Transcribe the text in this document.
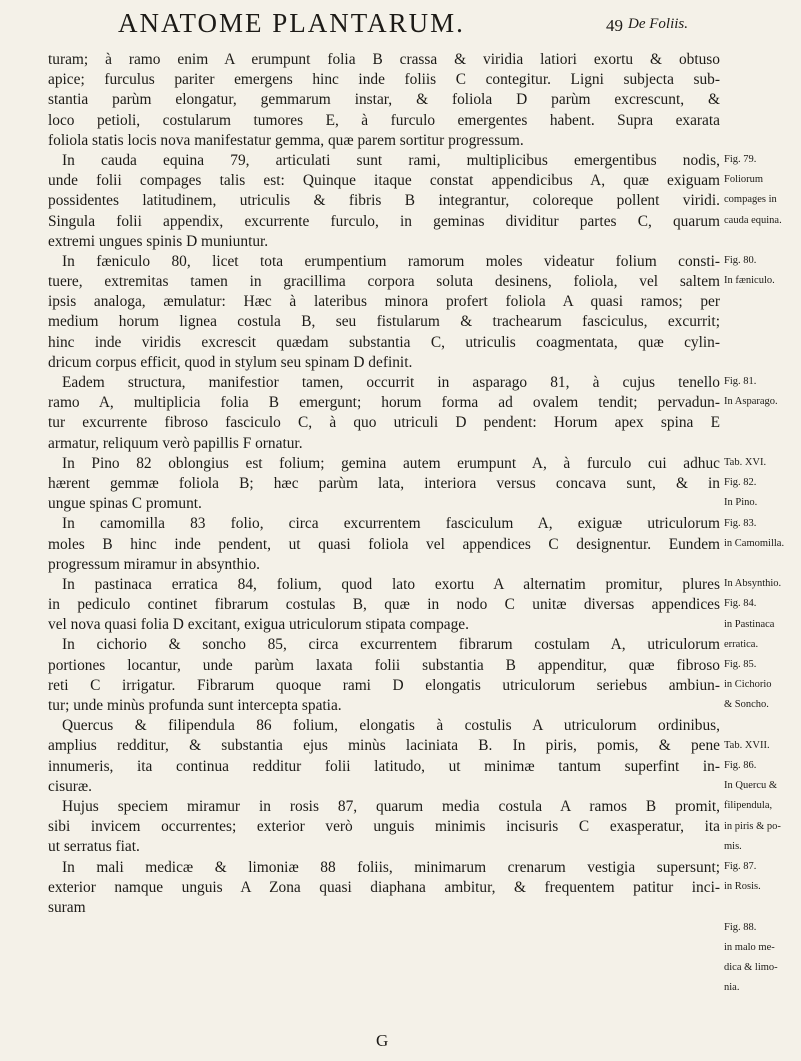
ANATOME PLANTARUM.	49 De Foliis.
turam; à ramo enim A erumpunt folia B crassa & viridia latiori exortu & obtuso
apice; furculus pariter emergens hinc inde foliis C contegitur. Ligni subjecta sub-
stantia parùm elongatur, gemmarum instar, & foliola D parùm excrescunt, &
loco petioli, costularum tumores E, à furculo emergentes habent. Supra exarata
foliola statis locis nova manifestatur gemma, quæ parem sortitur progressum.
In cauda equina 79, articulati sunt rami, multiplicibus emergentibus nodis,
unde folii compages talis est: Quinque itaque constat appendicibus A, quæ exiguam
possidentes latitudinem, utriculis & fibris B integrantur, coloreque pollent viridi.
Singula folii appendix, excurrente furculo, in geminas dividitur partes C, quarum
extremi ungues spinis D muniuntur.
In fæniculo 80, licet tota erumpentium ramorum moles videatur folium consti-
tuere, extremitas tamen in gracillima corpora soluta desinens, foliola, vel saltem
ipsis analoga, æmulatur: Hæc à lateribus minora profert foliola A quasi ramos; per
medium horum lignea costula B, seu fistularum & trachearum fasciculus, excurrit;
hinc inde viridis excrescit quædam substantia C, utriculis coagmentata, quæ cylin-
dricum corpus efficit, quod in stylum seu spinam D definit.
Eadem structura, manifestior tamen, occurrit in asparago 81, à cujus tenello
ramo A, multiplicia folia B emergunt; horum forma ad ovalem tendit; pervadun-
tur excurrente fibroso fasciculo C, à quo utriculi D pendent: Horum apex spina E
armatur, reliquum verò papillis F ornatur.
In Pino 82 oblongius est folium; gemina autem erumpunt A, à furculo cui adhuc
hærent gemmæ foliola B; hæc parùm lata, interiora versus concava sunt, & in
ungue spinas C promunt.
In camomilla 83 folio, circa excurrentem fasciculum A, exiguæ utriculorum
moles B hinc inde pendent, ut quasi foliola vel appendices C designentur. Eundem
progressum miramur in absynthio.
In pastinaca erratica 84, folium, quod lato exortu A alternatim promitur, plures
in pediculo continet fibrarum costulas B, quæ in nodo C unitæ diversas appendices
vel nova quasi folia D excitant, exigua utriculorum stipata compage.
In cichorio & soncho 85, circa excurrentem fibrarum costulam A, utriculorum
portiones locantur, unde parùm laxata folii substantia B appenditur, quæ fibroso
reti C irrigatur. Fibrarum quoque rami D elongatis utriculorum seriebus ambiun-
tur; unde minùs profunda sunt intercepta spatia.
Quercus & filipendula 86 folium, elongatis à costulis A utriculorum ordinibus,
amplius redditur, & substantia ejus minùs laciniata B. In piris, pomis, & pene
innumeris, ita continua redditur folii latitudo, ut minimæ tantum superfint in-
cisuræ.
Hujus speciem miramur in rosis 87, quarum media costula A ramos B promit,
sibi invicem occurrentes; exterior verò unguis minimis incisuris C exasperatur, ita
ut serratus fiat.
In mali medicæ & limoniæ 88 foliis, minimarum crenarum vestigia supersunt;
exterior namque unguis A Zona quasi diaphana ambitur, & frequentem patitur inci-
suram
Fig. 79.
Foliorum
compages in
cauda equina.
Fig. 80.
In fæniculo.
Fig. 81.
In Asparago.
Tab. XVI.
Fig. 82.
In Pino.
Fig. 83.
in Camomilla.
In Absynthio.
Fig. 84.
in Pastinaca
erratica.
Fig. 85.
in Cichorio
& Soncho.
Tab. XVII.
Fig. 86.
In Quercu &
filipendula,
in piris & po-
mis.
Fig. 87.
in Rosis.
Fig. 88.
in malo me-
dica & limo-
nia.
G
